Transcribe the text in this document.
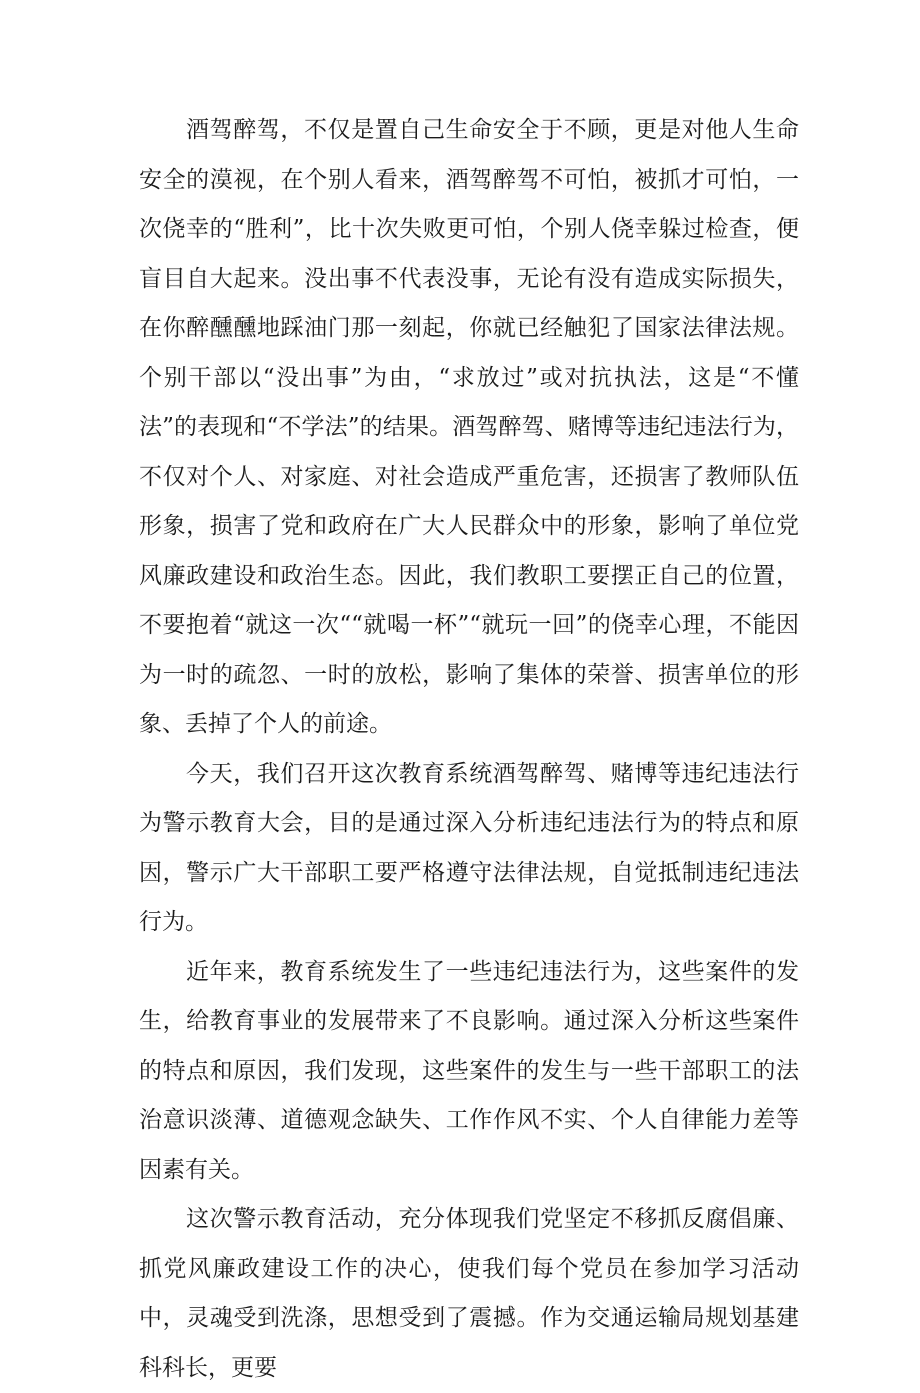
酒驾醉驾，不仅是置自己生命安全于不顾，更是对他人生命安全的漠视，在个别人看来，酒驾醉驾不可怕，被抓才可怕，一次侥幸的“胜利”，比十次失败更可怕，个别人侥幸躲过检查，便盲目自大起来。没出事不代表没事，无论有没有造成实际损失，在你醉醺醺地踩油门那一刻起，你就已经触犯了国家法律法规。个别干部以“没出事”为由，“求放过”或对抗执法，这是“不懂法”的表现和“不学法”的结果。酒驾醉驾、赌博等违纪违法行为，不仅对个人、对家庭、对社会造成严重危害，还损害了教师队伍形象，损害了党和政府在广大人民群众中的形象，影响了单位党风廉政建设和政治生态。因此，我们教职工要摆正自己的位置，不要抱着“就这一次““就喝一杯”“就玩一回”的侥幸心理，不能因为一时的疏忽、一时的放松，影响了集体的荣誉、损害单位的形象、丢掉了个人的前途。

今天，我们召开这次教育系统酒驾醉驾、赌博等违纪违法行为警示教育大会，目的是通过深入分析违纪违法行为的特点和原因，警示广大干部职工要严格遵守法律法规，自觉抵制违纪违法行为。

近年来，教育系统发生了一些违纪违法行为，这些案件的发生，给教育事业的发展带来了不良影响。通过深入分析这些案件的特点和原因，我们发现，这些案件的发生与一些干部职工的法治意识淡薄、道德观念缺失、工作作风不实、个人自律能力差等因素有关。

这次警示教育活动，充分体现我们党坚定不移抓反腐倡廉、抓党风廉政建设工作的决心，使我们每个党员在参加学习活动中，灵魂受到洗涤，思想受到了震撼。作为交通运输局规划基建科科长，更要
